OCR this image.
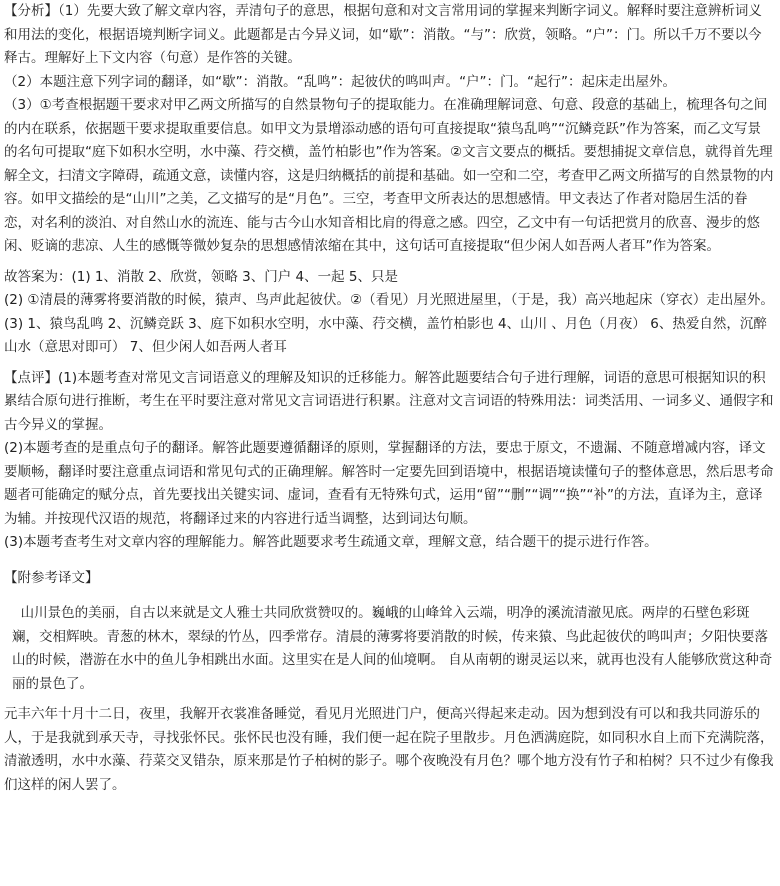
【分析】（1）先要大致了解文章内容，弄清句子的意思，根据句意和对文言常用词的掌握来判断字词义。解释时要注意辨析词义和用法的变化，根据语境判断字词义。此题都是古今异义词，如“歇”：消散。“与”：欣赏，领略。“户”：门。所以千万不要以今释古。理解好上下文内容（句意）是作答的关键。

（2）本题注意下列字词的翻译，如“歇”：消散。“乱鸣”：起彼伏的鸣叫声。“户”：门。“起行”：起床走出屋外。

（3）①考查根据题干要求对甲乙两文所描写的自然景物句子的提取能力。在准确理解词意、句意、段意的基础上，梳理各句之间的内在联系，依据题干要求提取重要信息。如甲文为景增添动感的语句可直接提取“猿鸟乱鸣”“沉鳞竞跃”作为答案，而乙文写景的名句可提取“庭下如积水空明，水中藻、荇交横，盖竹柏影也”作为答案。②文言文要点的概括。要想捕捉文章信息，就得首先理解全文，扫清文字障碍，疏通文意，读懂内容，这是归纳概括的前提和基础。如一空和二空，考查甲乙两文所描写的自然景物的内容。如甲文描绘的是“山川”之美，乙文描写的是“月色”。三空，考查甲文所表达的思想感情。甲文表达了作者对隐居生活的眷恋，对名利的淡泊、对自然山水的流连、能与古今山水知音相比肩的得意之感。四空，乙文中有一句话把赏月的欣喜、漫步的悠闲、贬谪的悲凉、人生的感慨等微妙复杂的思想感情浓缩在其中，这句话可直接提取“但少闲人如吾两人者耳”作为答案。

故答案为：(1) 1、消散 2、欣赏，领略 3、门户 4、一起 5、只是

(2) ①清晨的薄雾将要消散的时候，猿声、鸟声此起彼伏。②（看见）月光照进屋里，（于是，我）高兴地起床（穿衣）走出屋外。

(3) 1、猿鸟乱鸣 2、沉鳞竞跃 3、庭下如积水空明，水中藻、荇交横，盖竹柏影也 4、山川 、月色（月夜） 6、热爱自然，沉醉山水（意思对即可） 7、但少闲人如吾两人者耳

【点评】(1)本题考查对常见文言词语意义的理解及知识的迁移能力。解答此题要结合句子进行理解，词语的意思可根据知识的积累结合原句进行推断，考生在平时要注意对常见文言词语进行积累。注意对文言词语的特殊用法：词类活用、一词多义、通假字和古今异义的掌握。

(2)本题考查的是重点句子的翻译。解答此题要遵循翻译的原则，掌握翻译的方法，要忠于原文，不遗漏、不随意增减内容，译文要顺畅，翻译时要注意重点词语和常见句式的正确理解。解答时一定要先回到语境中，根据语境读懂句子的整体意思，然后思考命题者可能确定的赋分点，首先要找出关键实词、虚词，查看有无特殊句式，运用“留”“删”“调”“换”“补”的方法，直译为主，意译为辅。并按现代汉语的规范，将翻译过来的内容进行适当调整，达到词达句顺。

(3)本题考查考生对文章内容的理解能力。解答此题要求考生疏通文章，理解文意，结合题干的提示进行作答。

【附参考译文】

山川景色的美丽，自古以来就是文人雅士共同欣赏赞叹的。巍峨的山峰耸入云端，明净的溪流清澈见底。两岸的石壁色彩斑斓，交相辉映。青葱的林木，翠绿的竹丛，四季常存。清晨的薄雾将要消散的时候，传来猿、鸟此起彼伏的鸣叫声；夕阳快要落山的时候，潜游在水中的鱼儿争相跳出水面。这里实在是人间的仙境啊。 自从南朝的谢灵运以来，就再也没有人能够欣赏这种奇丽的景色了。

元丰六年十月十二日，夜里，我解开衣裳准备睡觉，看见月光照进门户，便高兴得起来走动。因为想到没有可以和我共同游乐的人，于是我就到承天寺，寻找张怀民。张怀民也没有睡，我们便一起在院子里散步。月色洒满庭院，如同积水自上而下充满院落，清澈透明，水中水藻、荇菜交叉错杂，原来那是竹子柏树的影子。哪个夜晚没有月色？哪个地方没有竹子和柏树？只不过少有像我们这样的闲人罢了。
